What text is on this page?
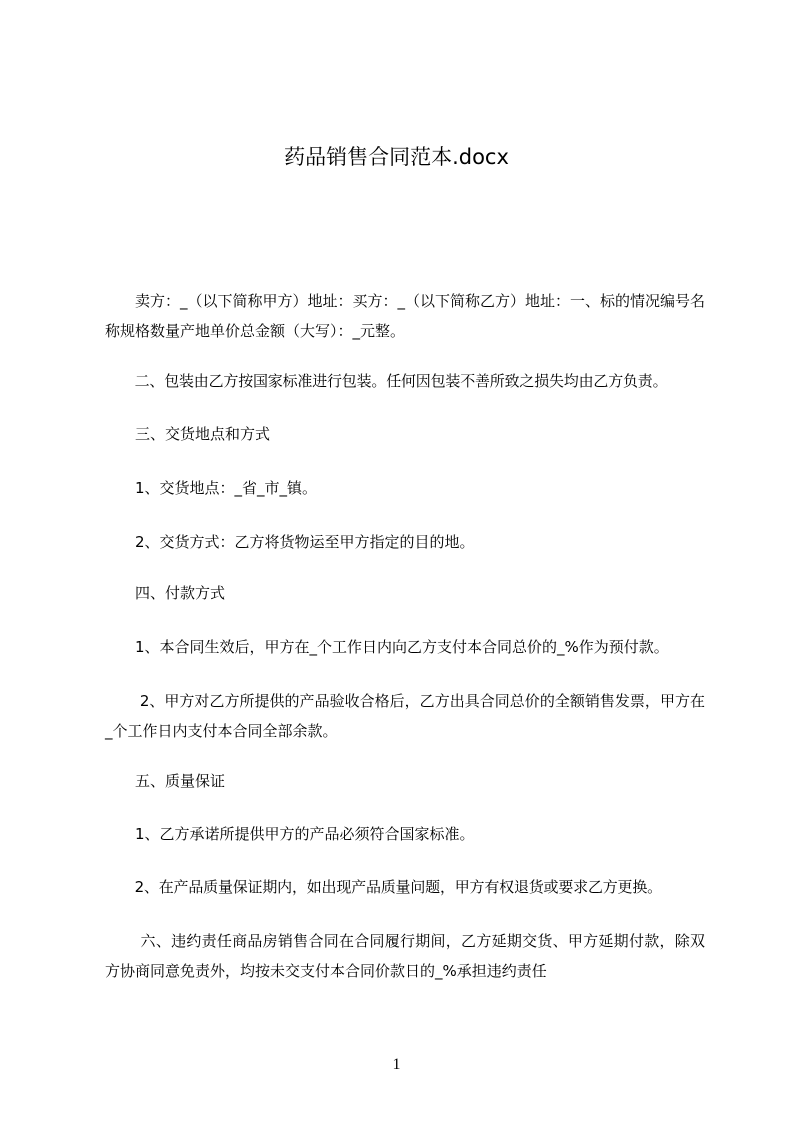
药品销售合同范本.docx

　　卖方：_（以下简称甲方）地址：买方：_（以下简称乙方）地址：一、标的情况编号名称规格数量产地单价总金额（大写）：_元整。

　　二、包装由乙方按国家标准进行包装。任何因包装不善所致之损失均由乙方负责。

　　三、交货地点和方式

　　1、交货地点：_省_市_镇。

　　2、交货方式：乙方将货物运至甲方指定的目的地。

　　四、付款方式

　　1、本合同生效后，甲方在_个工作日内向乙方支付本合同总价的_%作为预付款。

　　 2、甲方对乙方所提供的产品验收合格后，乙方出具合同总价的全额销售发票，甲方在_个工作日内支付本合同全部余款。

　　五、质量保证

　　1、乙方承诺所提供甲方的产品必须符合国家标准。

　　2、在产品质量保证期内，如出现产品质量问题，甲方有权退货或要求乙方更换。

　　 六、违约责任商品房销售合同在合同履行期间，乙方延期交货、甲方延期付款，除双方协商同意免责外，均按未交支付本合同价款日的_%承担违约责任

1
